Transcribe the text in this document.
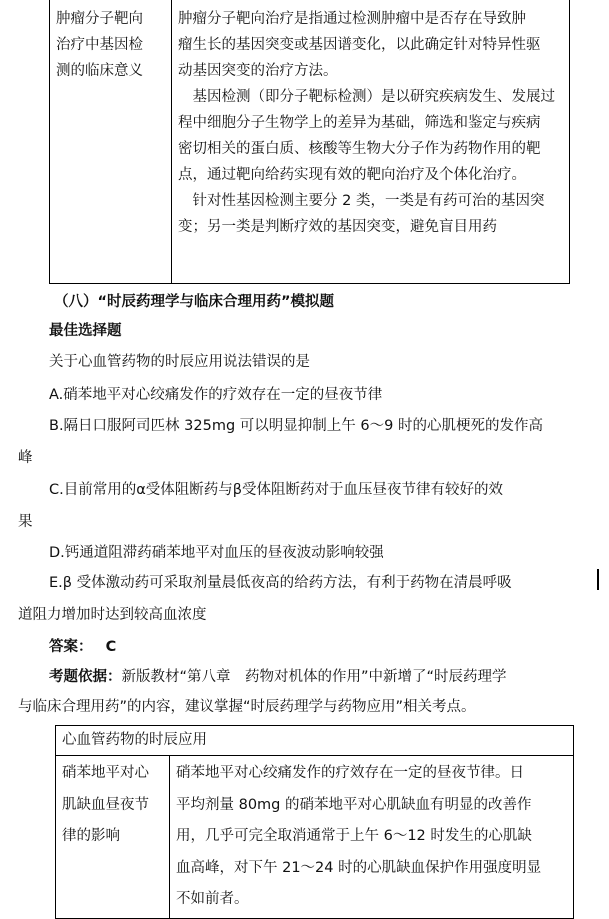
肿瘤分子靶向
治疗中基因检
测的临床意义

肿瘤分子靶向治疗是指通过检测肿瘤中是否存在导致肿
瘤生长的基因突变或基因谱变化，以此确定针对特异性驱
动基因突变的治疗方法。
　基因检测（即分子靶标检测）是以研究疾病发生、发展过
程中细胞分子生物学上的差异为基础，筛选和鉴定与疾病
密切相关的蛋白质、核酸等生物大分子作为药物作用的靶
点，通过靶向给药实现有效的靶向治疗及个体化治疗。
　针对性基因检测主要分 2 类，一类是有药可治的基因突
变；另一类是判断疗效的基因突变，避免盲目用药
（八）“时辰药理学与临床合理用药”模拟题
最佳选择题
关于心血管药物的时辰应用说法错误的是
A.硝苯地平对心绞痛发作的疗效存在一定的昼夜节律
B.隔日口服阿司匹林 325mg 可以明显抑制上午 6～9 时的心肌梗死的发作高
峰
C.目前常用的α受体阻断药与β受体阻断药对于血压昼夜节律有较好的效
果
D.钙通道阻滞药硝苯地平对血压的昼夜波动影响较强
E.β 受体激动药可采取剂量晨低夜高的给药方法，有利于药物在清晨呼吸
道阻力增加时达到较高血浓度
答案： C
考题依据：新版教材“第八章　药物对机体的作用”中新增了“时辰药理学
与临床合理用药”的内容，建议掌握“时辰药理学与药物应用”相关考点。
心血管药物的时辰应用

硝苯地平对心
肌缺血昼夜节
律的影响

硝苯地平对心绞痛发作的疗效存在一定的昼夜节律。日
平均剂量 80mg 的硝苯地平对心肌缺血有明显的改善作
用，几乎可完全取消通常于上午 6～12 时发生的心肌缺
血高峰，对下午 21～24 时的心肌缺血保护作用强度明显
不如前者。
